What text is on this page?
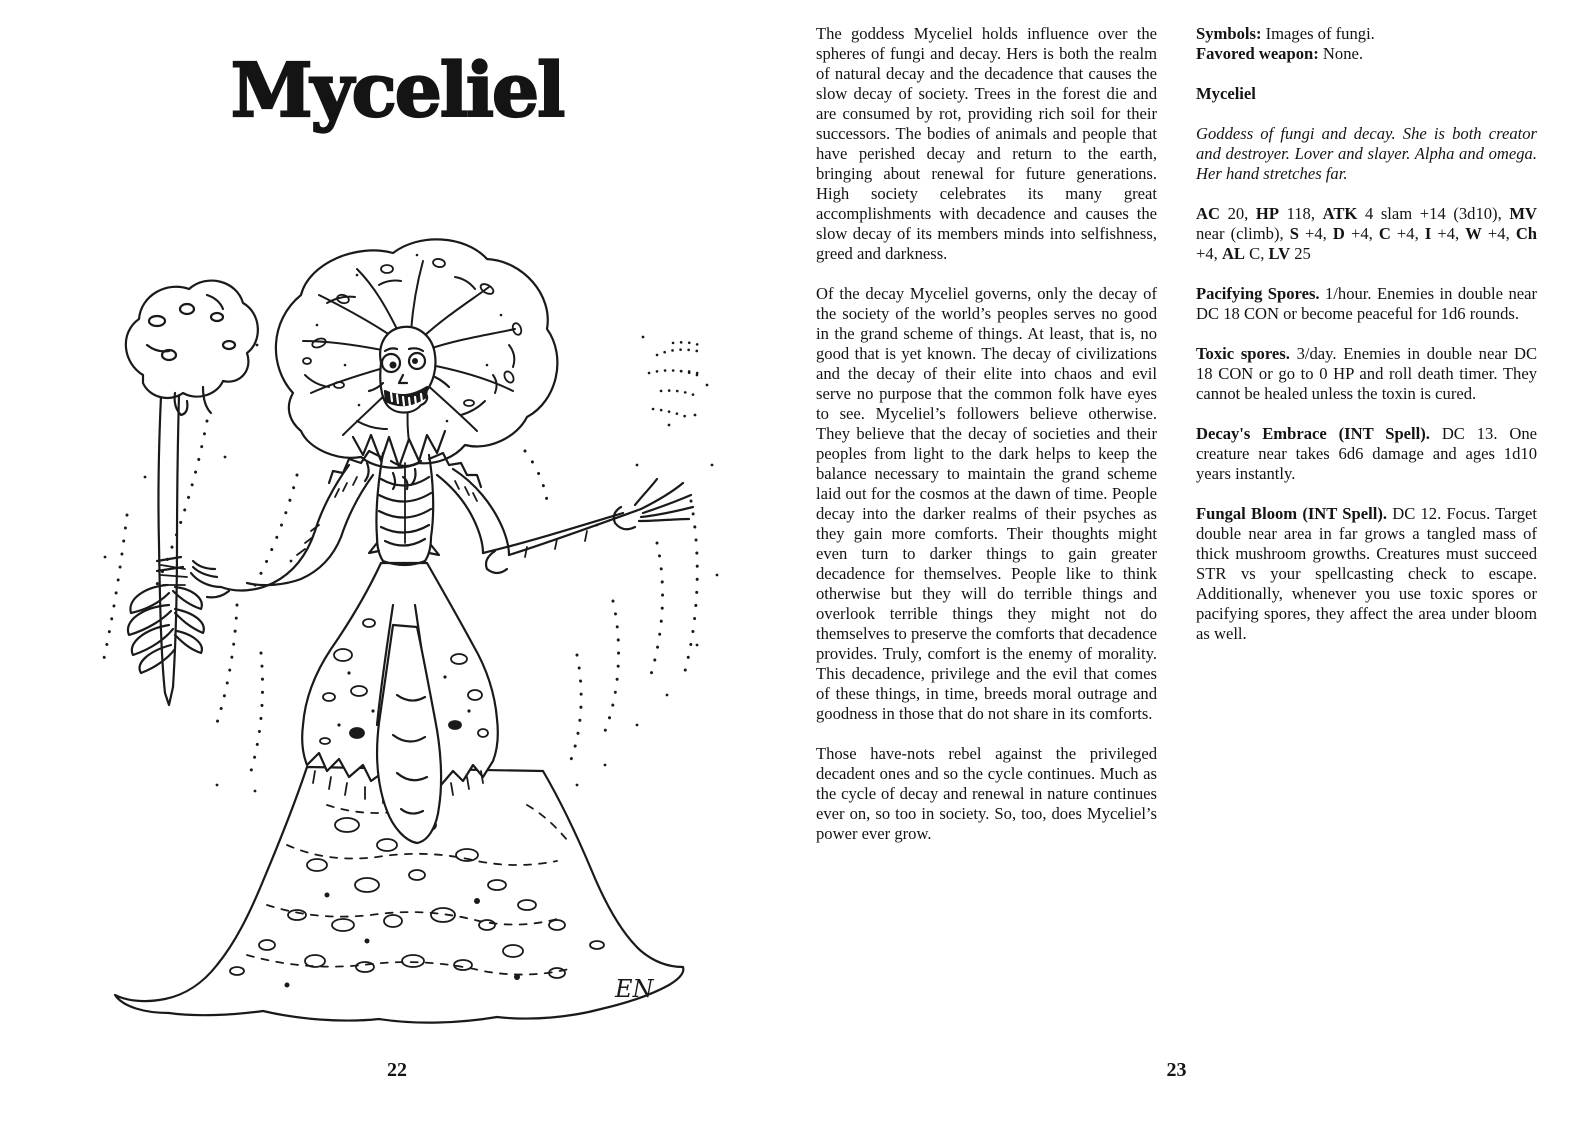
Myceliel
EN
22

The goddess Myceliel holds influence over the spheres of fungi and decay. Hers is both the realm of natural decay and the decadence that causes the slow decay of society. Trees in the forest die and are consumed by rot, providing rich soil for their successors. The bodies of animals and people that have perished decay and return to the earth, bringing about renewal for future generations. High society celebrates its many great accomplishments with decadence and causes the slow decay of its members minds into selfishness, greed and darkness.

Of the decay Myceliel governs, only the decay of the society of the world’s peoples serves no good in the grand scheme of things. At least, that is, no good that is yet known. The decay of civilizations and the decay of their elite into chaos and evil serve no purpose that the common folk have eyes to see. Myceliel’s followers believe otherwise. They believe that the decay of societies and their peoples from light to the dark helps to keep the balance necessary to maintain the grand scheme laid out for the cosmos at the dawn of time. People decay into the darker realms of their psyches as they gain more comforts. Their thoughts might even turn to darker things to gain greater decadence for themselves. People like to think otherwise but they will do terrible things and overlook terrible things they might not do themselves to preserve the comforts that decadence provides. Truly, comfort is the enemy of morality. This decadence, privilege and the evil that comes of these things, in time, breeds moral outrage and goodness in those that do not share in its comforts.

Those have-nots rebel against the privileged decadent ones and so the cycle continues. Much as the cycle of decay and renewal in nature continues ever on, so too in society. So, too, does Myceliel’s power ever grow.

Symbols: Images of fungi.

Favored weapon: None.

Myceliel

Goddess of fungi and decay. She is both creator and destroyer. Lover and slayer. Alpha and omega. Her hand stretches far.

AC 20, HP 118, ATK 4 slam +14 (3d10), MV near (climb), S +4, D +4, C +4, I +4, W +4, Ch +4, AL C, LV 25

Pacifying Spores. 1/hour. Enemies in double near DC 18 CON or become peaceful for 1d6 rounds.

Toxic spores. 3/day. Enemies in double near DC 18 CON or go to 0 HP and roll death timer. They cannot be healed unless the toxin is cured.

Decay's Embrace (INT Spell). DC 13. One creature near takes 6d6 damage and ages 1d10 years instantly.

Fungal Bloom (INT Spell). DC 12. Focus. Target double near area in far grows a tangled mass of thick mushroom growths. Creatures must succeed STR vs your spellcasting check to escape. Additionally, whenever you use toxic spores or pacifying spores, they affect the area under bloom as well.

23
